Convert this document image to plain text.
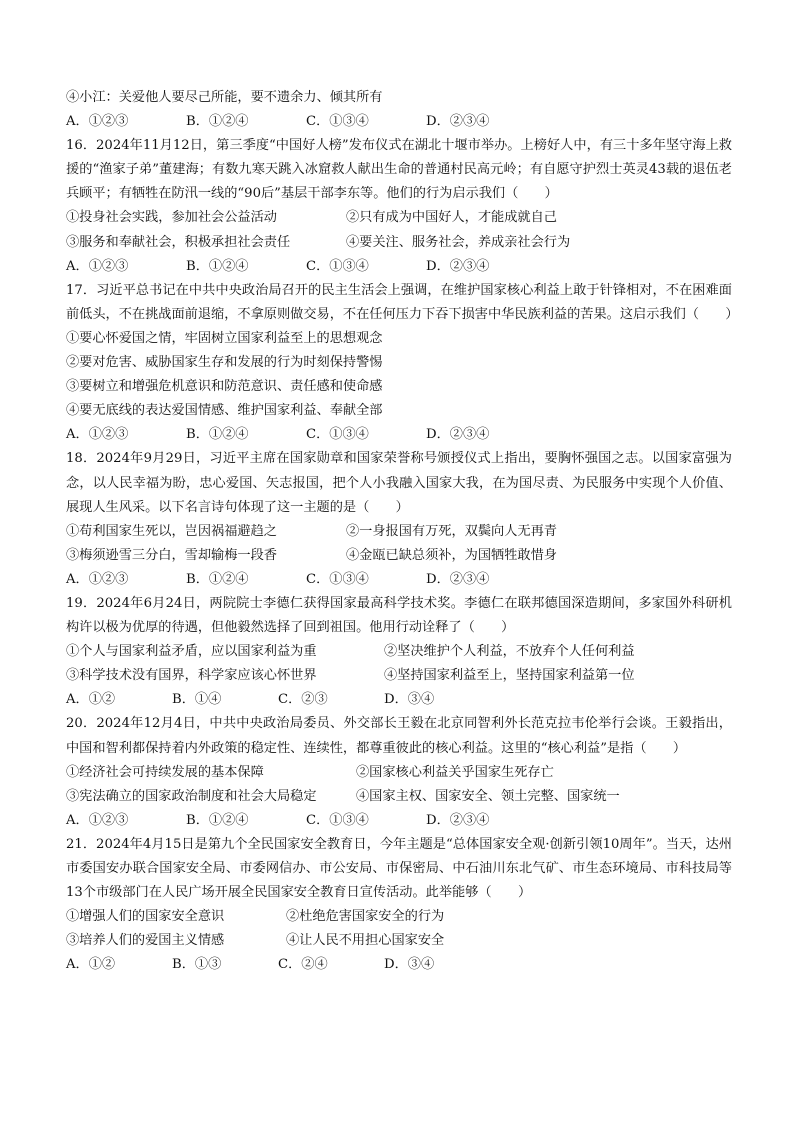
④小江：关爱他人要尽己所能，要不遗余力、倾其所有
A．①②③	B．①②④	C．①③④	D．②③④
16．2024年11月12日，第三季度“中国好人榜”发布仪式在湖北十堰市举办。上榜好人中，有三十多年坚守海上救援的“渔家子弟”董建海；有数九寒天跳入冰窟救人献出生命的普通村民高元岭；有自愿守护烈士英灵43载的退伍老兵顾平；有牺牲在防汛一线的“90后”基层干部李东等。他们的行为启示我们（　　）
①投身社会实践，参加社会公益活动	②只有成为中国好人，才能成就自己
③服务和奉献社会，积极承担社会责任	④要关注、服务社会，养成亲社会行为
A．①②③	B．①②④	C．①③④	D．②③④
17．习近平总书记在中共中央政治局召开的民主生活会上强调，在维护国家核心利益上敢于针锋相对，不在困难面前低头，不在挑战面前退缩，不拿原则做交易，不在任何压力下吞下损害中华民族利益的苦果。这启示我们（　　）
①要心怀爱国之情，牢固树立国家利益至上的思想观念
②要对危害、威胁国家生存和发展的行为时刻保持警惕
③要树立和增强危机意识和防范意识、责任感和使命感
④要无底线的表达爱国情感、维护国家利益、奉献全部
A．①②③	B．①②④	C．①③④	D．②③④
18．2024年9月29日，习近平主席在国家勋章和国家荣誉称号颁授仪式上指出，要胸怀强国之志。以国家富强为念，以人民幸福为盼，忠心爱国、矢志报国，把个人小我融入国家大我，在为国尽责、为民服务中实现个人价值、展现人生风采。以下名言诗句体现了这一主题的是（　　）
①苟利国家生死以，岂因祸福避趋之	②一身报国有万死，双鬓向人无再青
③梅须逊雪三分白，雪却输梅一段香	④金瓯已缺总须补，为国牺牲敢惜身
A．①②③	B．①②④	C．①③④	D．②③④
19．2024年6月24日，两院院士李德仁获得国家最高科学技术奖。李德仁在联邦德国深造期间，多家国外科研机构许以极为优厚的待遇，但他毅然选择了回到祖国。他用行动诠释了（　　）
①个人与国家利益矛盾，应以国家利益为重	②坚决维护个人利益，不放弃个人任何利益
③科学技术没有国界，科学家应该心怀世界	④坚持国家利益至上，坚持国家利益第一位
A．①②	B．①④	C．②③	D．③④
20．2024年12月4日，中共中央政治局委员、外交部长王毅在北京同智利外长范克拉韦伦举行会谈。王毅指出，中国和智利都保持着内外政策的稳定性、连续性，都尊重彼此的核心利益。这里的“核心利益”是指（　　）
①经济社会可持续发展的基本保障	②国家核心利益关乎国家生死存亡
③宪法确立的国家政治制度和社会大局稳定	④国家主权、国家安全、领土完整、国家统一
A．①②③	B．①②④	C．①③④	D．②③④
21．2024年4月15日是第九个全民国家安全教育日，今年主题是“总体国家安全观·创新引领10周年”。当天，达州市委国安办联合国家安全局、市委网信办、市公安局、市保密局、中石油川东北气矿、市生态环境局、市科技局等13个市级部门在人民广场开展全民国家安全教育日宣传活动。此举能够（　　）
①增强人们的国家安全意识	②杜绝危害国家安全的行为
③培养人们的爱国主义情感	④让人民不用担心国家安全
A．①②	B．①③	C．②④	D．③④
